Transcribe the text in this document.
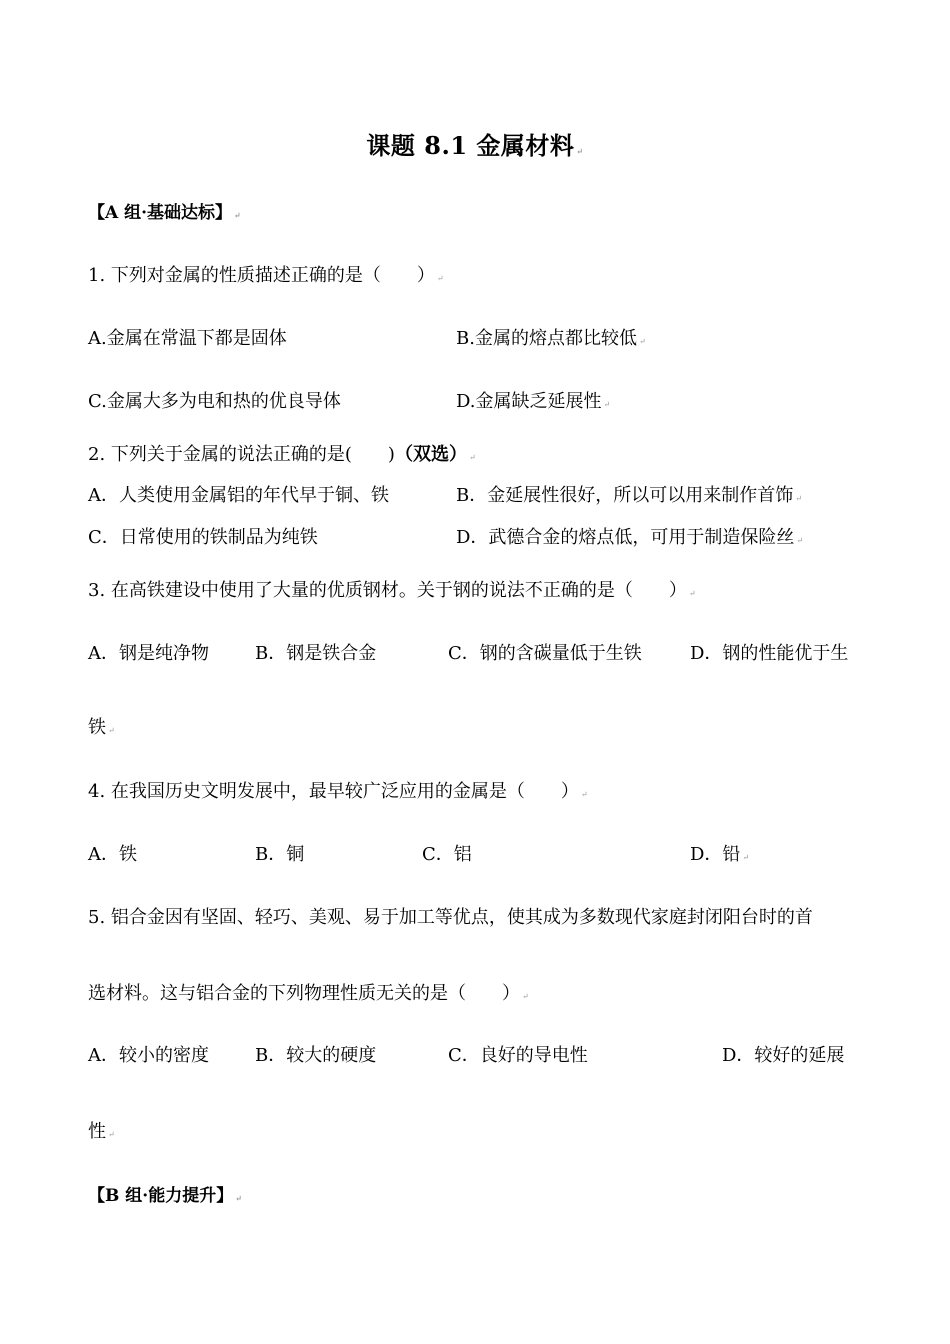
课题 8.1 金属材料 ↵
【A 组·基础达标】 ↵
1. 下列对金属的性质描述正确的是（　　） ↵
A.金属在常温下都是固体	B.金属的熔点都比较低 ↵
C.金属大多为电和热的优良导体	D.金属缺乏延展性 ↵
2. 下列关于金属的说法正确的是(　　)（双选） ↵
A．人类使用金属铝的年代早于铜、铁	B．金延展性很好，所以可以用来制作首饰 ↵
C．日常使用的铁制品为纯铁	D．武德合金的熔点低，可用于制造保险丝 ↵
3. 在高铁建设中使用了大量的优质钢材。关于钢的说法不正确的是（　　） ↵
A．钢是纯净物	B．钢是铁合金	C．钢的含碳量低于生铁	D．钢的性能优于生
铁 ↵
4. 在我国历史文明发展中，最早较广泛应用的金属是（　　） ↵
A．铁	B．铜	C．铝	D．铅 ↵
5. 铝合金因有坚固、轻巧、美观、易于加工等优点，使其成为多数现代家庭封闭阳台时的首
选材料。这与铝合金的下列物理性质无关的是（　　） ↵
A．较小的密度	B．较大的硬度	C．良好的导电性	D．较好的延展
性 ↵
【B 组·能力提升】 ↵
